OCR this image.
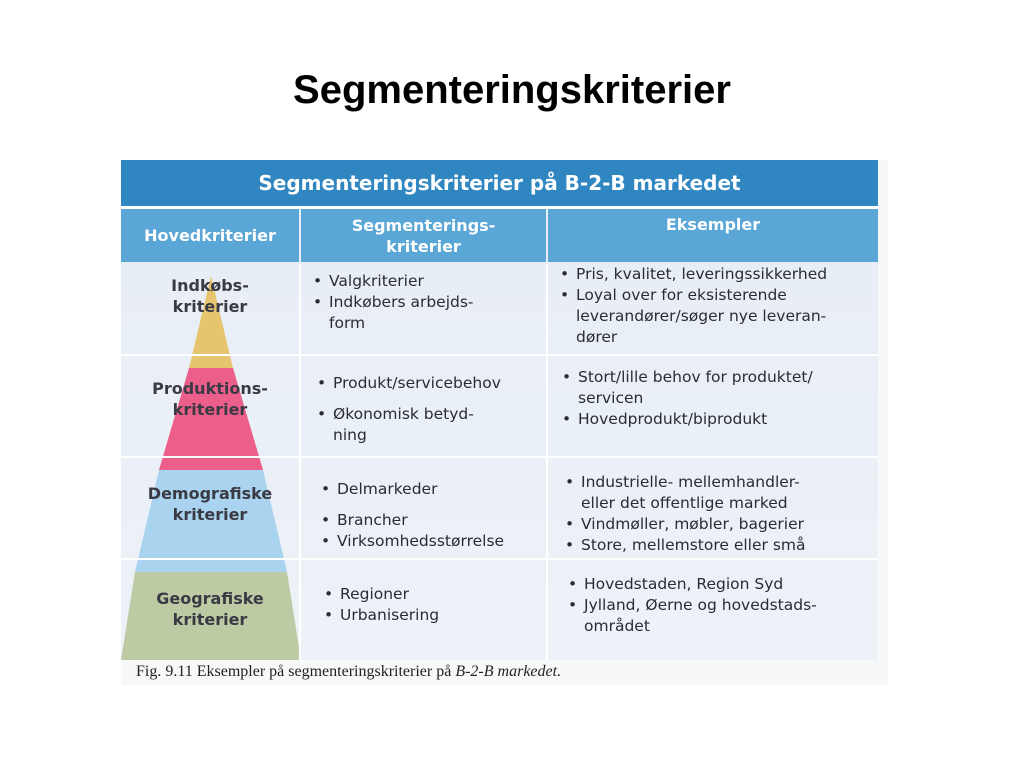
Segmenteringskriterier
Segmenteringskriterier på B-2-B markedet
Hovedkriterier
Segmenterings-
kriterier
Eksempler
Indkøbs-
kriterier
• Valgkriterier
• Indkøbers arbejds-
form
• Pris, kvalitet, leveringssikkerhed
• Loyal over for eksisterende
leverandører/søger nye leveran-
dører
Produktions-
kriterier
• Produkt/servicebehov
• Økonomisk betyd-
ning
• Stort/lille behov for produktet/
servicen
• Hovedprodukt/biprodukt
Demografiske
kriterier
• Delmarkeder
• Brancher
• Virksomhedsstørrelse
• Industrielle- mellemhandler-
eller det offentlige marked
• Vindmøller, møbler, bagerier
• Store, mellemstore eller små
Geografiske
kriterier
• Regioner
• Urbanisering
• Hovedstaden, Region Syd
• Jylland, Øerne og hovedstads-
området
Fig. 9.11 Eksempler på segmenteringskriterier på B-2-B markedet.
